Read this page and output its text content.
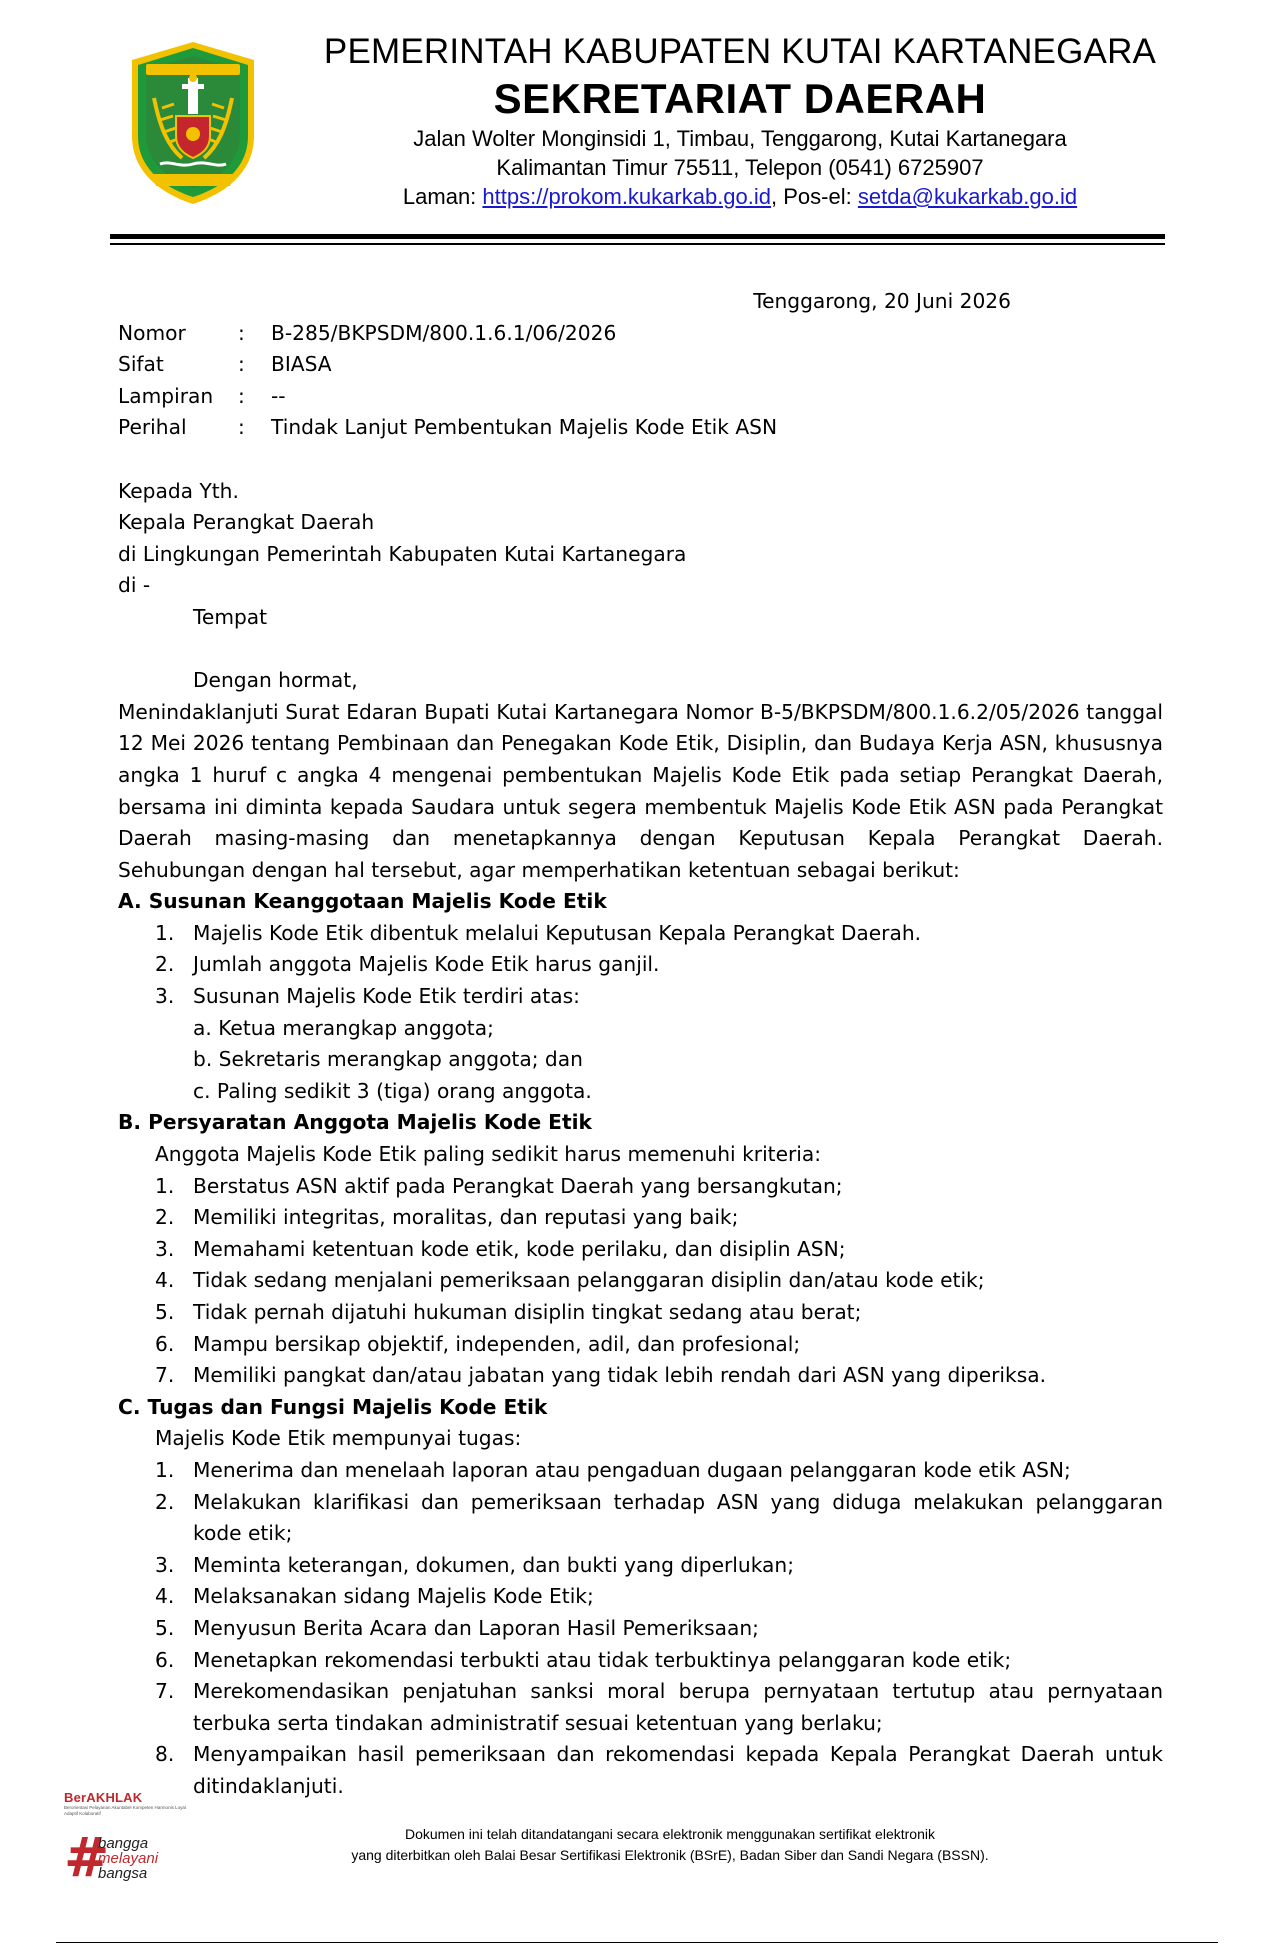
PEMERINTAH KABUPATEN KUTAI KARTANEGARA
SEKRETARIAT DAERAH
Jalan Wolter Monginsidi 1, Timbau, Tenggarong, Kutai Kartanegara
Kalimantan Timur 75511, Telepon (0541) 6725907
Laman: https://prokom.kukarkab.go.id, Pos-el: setda@kukarkab.go.id
Tenggarong, 20 Juni 2026
Nomor	:	B-285/BKPSDM/800.1.6.1/06/2026
Sifat	:	BIASA
Lampiran	:	--
Perihal	:	Tindak Lanjut Pembentukan Majelis Kode Etik ASN
Kepada Yth.
Kepala Perangkat Daerah
di Lingkungan Pemerintah Kabupaten Kutai Kartanegara
di -
Tempat
Dengan hormat,
Menindaklanjuti Surat Edaran Bupati Kutai Kartanegara Nomor B-5/BKPSDM/800.1.6.2/05/2026 tanggal 12 Mei 2026 tentang Pembinaan dan Penegakan Kode Etik, Disiplin, dan Budaya Kerja ASN, khususnya angka 1 huruf c angka 4 mengenai pembentukan Majelis Kode Etik pada setiap Perangkat Daerah, bersama ini diminta kepada Saudara untuk segera membentuk Majelis Kode Etik ASN pada Perangkat Daerah masing-masing dan menetapkannya dengan Keputusan Kepala Perangkat Daerah. Sehubungan dengan hal tersebut, agar memperhatikan ketentuan sebagai berikut:
A. Susunan Keanggotaan Majelis Kode Etik
1. Majelis Kode Etik dibentuk melalui Keputusan Kepala Perangkat Daerah.
2. Jumlah anggota Majelis Kode Etik harus ganjil.
3. Susunan Majelis Kode Etik terdiri atas:
a. Ketua merangkap anggota;
b. Sekretaris merangkap anggota; dan
c. Paling sedikit 3 (tiga) orang anggota.
B. Persyaratan Anggota Majelis Kode Etik
Anggota Majelis Kode Etik paling sedikit harus memenuhi kriteria:
1. Berstatus ASN aktif pada Perangkat Daerah yang bersangkutan;
2. Memiliki integritas, moralitas, dan reputasi yang baik;
3. Memahami ketentuan kode etik, kode perilaku, dan disiplin ASN;
4. Tidak sedang menjalani pemeriksaan pelanggaran disiplin dan/atau kode etik;
5. Tidak pernah dijatuhi hukuman disiplin tingkat sedang atau berat;
6. Mampu bersikap objektif, independen, adil, dan profesional;
7. Memiliki pangkat dan/atau jabatan yang tidak lebih rendah dari ASN yang diperiksa.
C. Tugas dan Fungsi Majelis Kode Etik
Majelis Kode Etik mempunyai tugas:
1. Menerima dan menelaah laporan atau pengaduan dugaan pelanggaran kode etik ASN;
2. Melakukan klarifikasi dan pemeriksaan terhadap ASN yang diduga melakukan pelanggaran kode etik;
3. Meminta keterangan, dokumen, dan bukti yang diperlukan;
4. Melaksanakan sidang Majelis Kode Etik;
5. Menyusun Berita Acara dan Laporan Hasil Pemeriksaan;
6. Menetapkan rekomendasi terbukti atau tidak terbuktinya pelanggaran kode etik;
7. Merekomendasikan penjatuhan sanksi moral berupa pernyataan tertutup atau pernyataan terbuka serta tindakan administratif sesuai ketentuan yang berlaku;
8. Menyampaikan hasil pemeriksaan dan rekomendasi kepada Kepala Perangkat Daerah untuk ditindaklanjuti.
BerAKHLAK
Berorientasi Pelayanan Akuntabel Kompeten Harmonis Loyal Adaptif Kolaboratif
#
bangga
melayani
bangsa
Dokumen ini telah ditandatangani secara elektronik menggunakan sertifikat elektronik
yang diterbitkan oleh Balai Besar Sertifikasi Elektronik (BSrE), Badan Siber dan Sandi Negara (BSSN).
